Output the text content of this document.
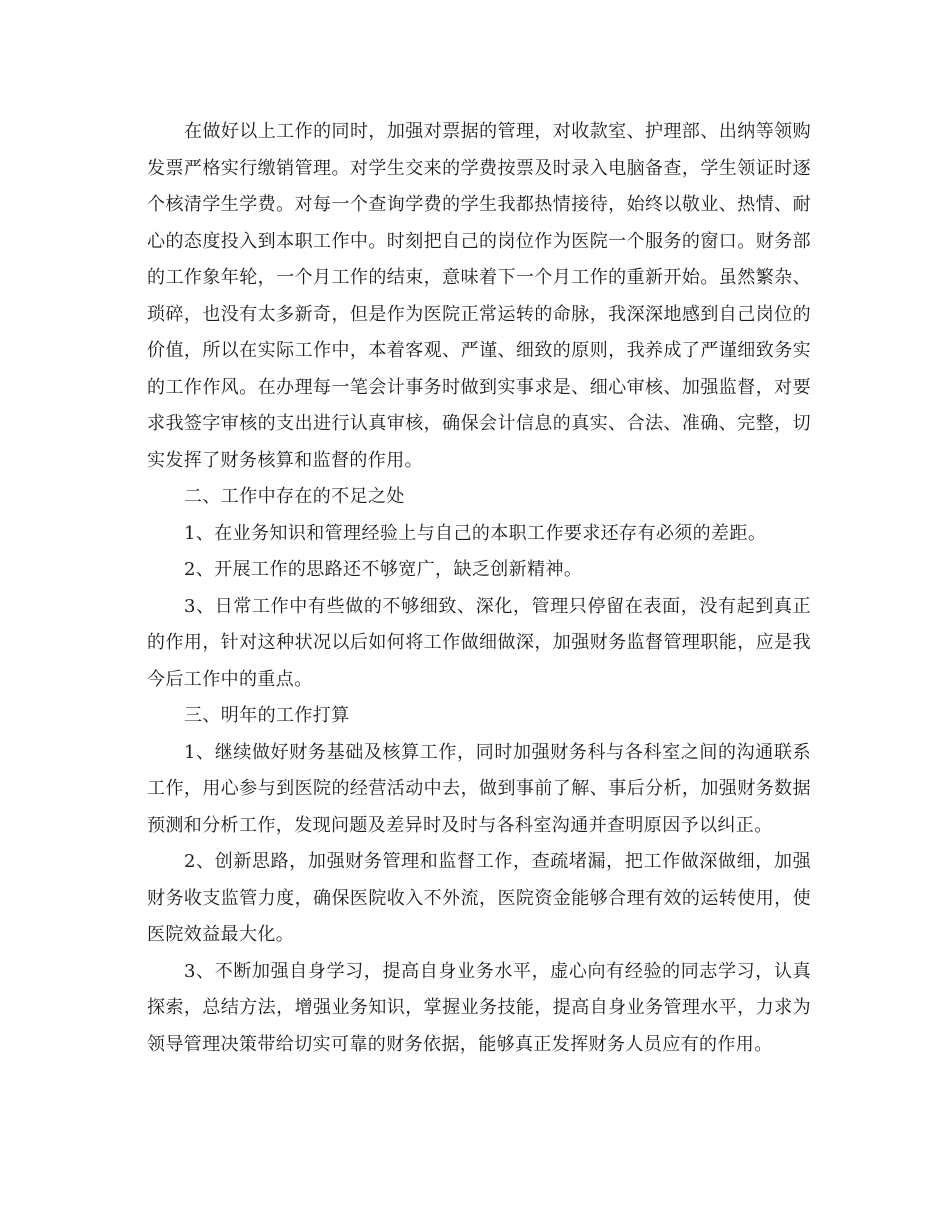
在做好以上工作的同时，加强对票据的管理，对收款室、护理部、出纳等领购发票严格实行缴销管理。对学生交来的学费按票及时录入电脑备查，学生领证时逐个核清学生学费。对每一个查询学费的学生我都热情接待，始终以敬业、热情、耐心的态度投入到本职工作中。时刻把自己的岗位作为医院一个服务的窗口。财务部的工作象年轮，一个月工作的结束，意味着下一个月工作的重新开始。虽然繁杂、琐碎，也没有太多新奇，但是作为医院正常运转的命脉，我深深地感到自己岗位的价值，所以在实际工作中，本着客观、严谨、细致的原则，我养成了严谨细致务实的工作作风。在办理每一笔会计事务时做到实事求是、细心审核、加强监督，对要求我签字审核的支出进行认真审核，确保会计信息的真实、合法、准确、完整，切实发挥了财务核算和监督的作用。

二、工作中存在的不足之处

1、在业务知识和管理经验上与自己的本职工作要求还存有必须的差距。

2、开展工作的思路还不够宽广，缺乏创新精神。

3、日常工作中有些做的不够细致、深化，管理只停留在表面，没有起到真正的作用，针对这种状况以后如何将工作做细做深，加强财务监督管理职能，应是我今后工作中的重点。

三、明年的工作打算

1、继续做好财务基础及核算工作，同时加强财务科与各科室之间的沟通联系工作，用心参与到医院的经营活动中去，做到事前了解、事后分析，加强财务数据预测和分析工作，发现问题及差异时及时与各科室沟通并查明原因予以纠正。

2、创新思路，加强财务管理和监督工作，查疏堵漏，把工作做深做细，加强财务收支监管力度，确保医院收入不外流，医院资金能够合理有效的运转使用，使医院效益最大化。

3、不断加强自身学习，提高自身业务水平，虚心向有经验的同志学习，认真探索，总结方法，增强业务知识，掌握业务技能，提高自身业务管理水平，力求为领导管理决策带给切实可靠的财务依据，能够真正发挥财务人员应有的作用。
